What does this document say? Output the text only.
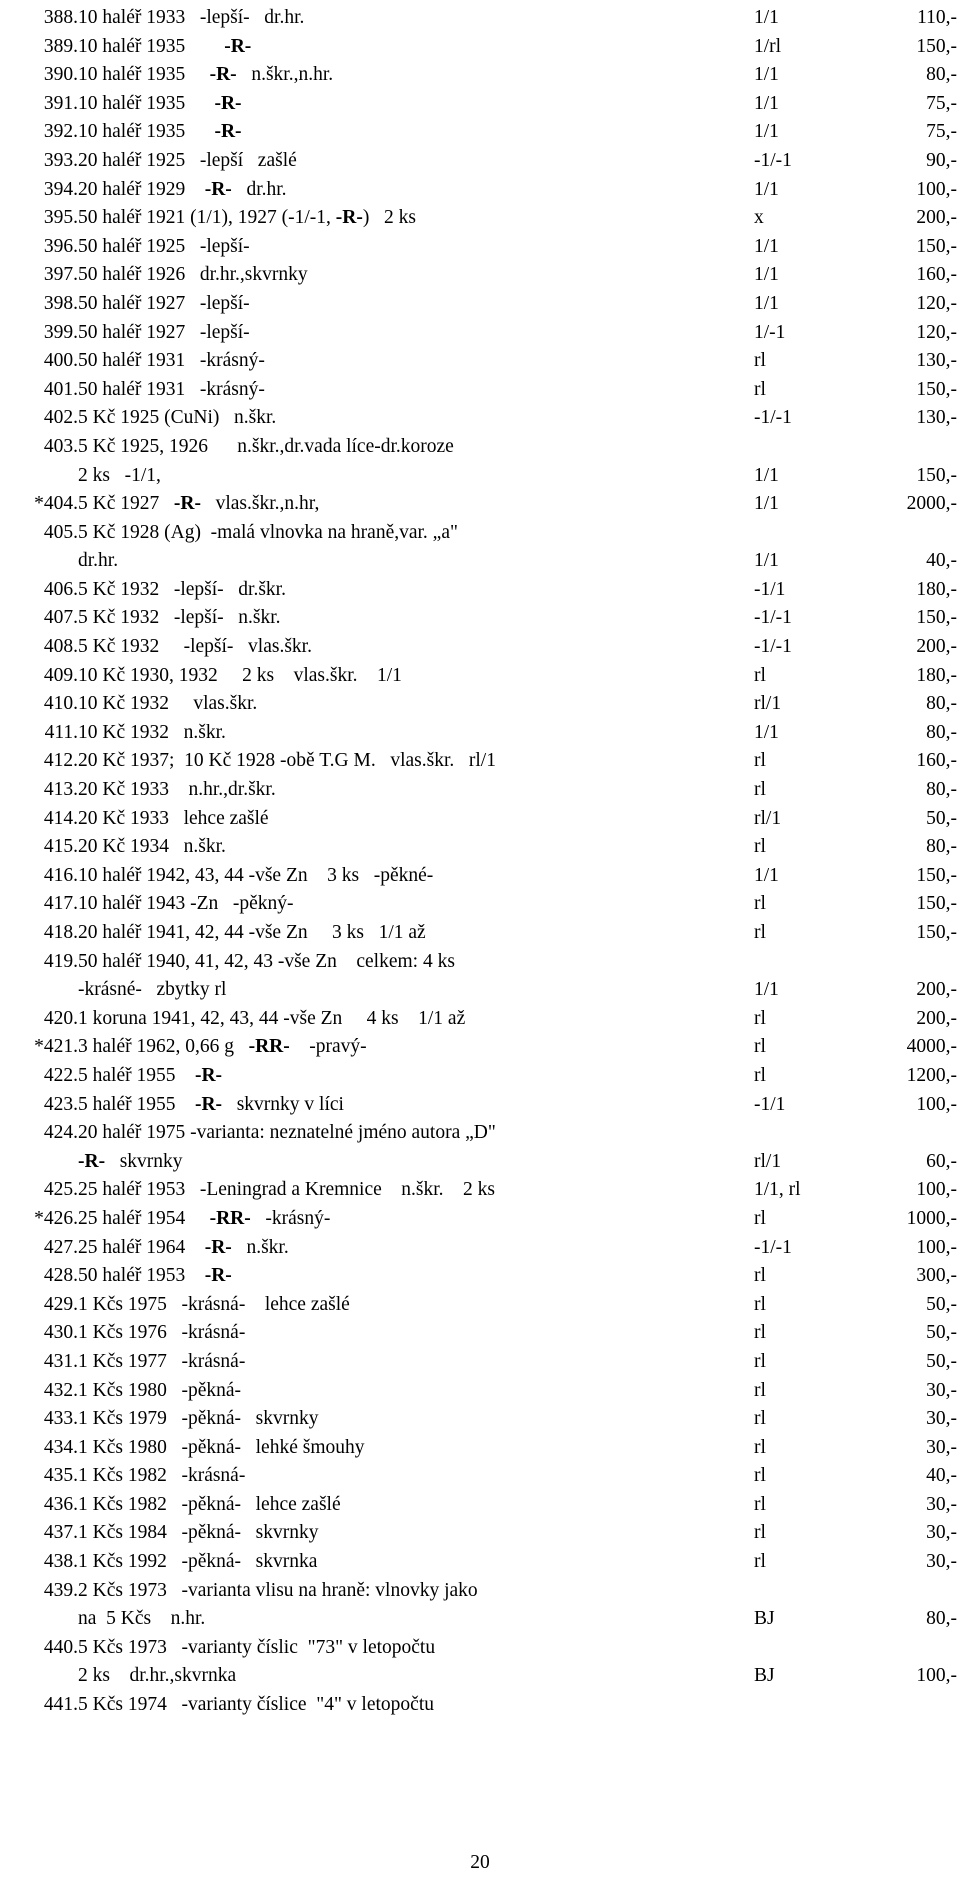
388. 10 haléř 1933   -lepší-   dr.hr.	1/1	110,-
389. 10 haléř 1935        -R-	1/rl	150,-
390. 10 haléř 1935     -R-   n.škr.,n.hr.	1/1	80,-
391. 10 haléř 1935      -R-	1/1	75,-
392. 10 haléř 1935      -R-	1/1	75,-
393. 20 haléř 1925   -lepší   zašlé	-1/-1	90,-
394. 20 haléř 1929    -R-   dr.hr.	1/1	100,-
395. 50 haléř 1921 (1/1), 1927 (-1/-1, -R-)   2 ks	x	200,-
396. 50 haléř 1925   -lepší-	1/1	150,-
397. 50 haléř 1926   dr.hr.,skvrnky	1/1	160,-
398. 50 haléř 1927   -lepší-	1/1	120,-
399. 50 haléř 1927   -lepší-	1/-1	120,-
400. 50 haléř 1931   -krásný-	rl	130,-
401. 50 haléř 1931   -krásný-	rl	150,-
402. 5 Kč 1925 (CuNi)   n.škr.	-1/-1	130,-
403. 5 Kč 1925, 1926      n.škr.,dr.vada líce-dr.koroze
2 ks   -1/1,	1/1	150,-
*404. 5 Kč 1927   -R-   vlas.škr.,n.hr,	1/1	2000,-
405. 5 Kč 1928 (Ag)  -malá vlnovka na hraně,var. „a"
dr.hr.	1/1	40,-
406. 5 Kč 1932   -lepší-   dr.škr.	-1/1	180,-
407. 5 Kč 1932   -lepší-   n.škr.	-1/-1	150,-
408. 5 Kč 1932     -lepší-   vlas.škr.	-1/-1	200,-
409. 10 Kč 1930, 1932     2 ks    vlas.škr.    1/1	rl	180,-
410. 10 Kč 1932     vlas.škr.	rl/1	80,-
411. 10 Kč 1932   n.škr.	1/1	80,-
412. 20 Kč 1937;  10 Kč 1928 -obě T.G M.   vlas.škr.   rl/1	rl	160,-
413. 20 Kč 1933    n.hr.,dr.škr.	rl	80,-
414. 20 Kč 1933   lehce zašlé	rl/1	50,-
415. 20 Kč 1934   n.škr.	rl	80,-
416. 10 haléř 1942, 43, 44 -vše Zn    3 ks   -pěkné-	1/1	150,-
417. 10 haléř 1943 -Zn   -pěkný-	rl	150,-
418. 20 haléř 1941, 42, 44 -vše Zn     3 ks   1/1 až	rl	150,-
419. 50 haléř 1940, 41, 42, 43 -vše Zn    celkem: 4 ks
-krásné-   zbytky rl	1/1	200,-
420. 1 koruna 1941, 42, 43, 44 -vše Zn     4 ks    1/1 až	rl	200,-
*421. 3 haléř 1962, 0,66 g   -RR-    -pravý-	rl	4000,-
422. 5 haléř 1955    -R-	rl	1200,-
423. 5 haléř 1955    -R-   skvrnky v líci	-1/1	100,-
424. 20 haléř 1975 -varianta: neznatelné jméno autora „D"
-R-   skvrnky	rl/1	60,-
425. 25 haléř 1953   -Leningrad a Kremnice    n.škr.    2 ks	1/1, rl	100,-
*426. 25 haléř 1954     -RR-   -krásný-	rl	1000,-
427. 25 haléř 1964    -R-   n.škr.	-1/-1	100,-
428. 50 haléř 1953    -R-	rl	300,-
429. 1 Kčs 1975   -krásná-    lehce zašlé	rl	50,-
430. 1 Kčs 1976   -krásná-	rl	50,-
431. 1 Kčs 1977   -krásná-	rl	50,-
432. 1 Kčs 1980   -pěkná-	rl	30,-
433. 1 Kčs 1979   -pěkná-   skvrnky	rl	30,-
434. 1 Kčs 1980   -pěkná-   lehké šmouhy	rl	30,-
435. 1 Kčs 1982   -krásná-	rl	40,-
436. 1 Kčs 1982   -pěkná-   lehce zašlé	rl	30,-
437. 1 Kčs 1984   -pěkná-   skvrnky	rl	30,-
438. 1 Kčs 1992   -pěkná-   skvrnka	rl	30,-
439. 2 Kčs 1973   -varianta vlisu na hraně: vlnovky jako
na  5 Kčs    n.hr.	BJ	80,-
440. 5 Kčs 1973   -varianty číslic  "73" v letopočtu
2 ks    dr.hr.,skvrnka	BJ	100,-
441. 5 Kčs 1974   -varianty číslice  "4" v letopočtu
20
